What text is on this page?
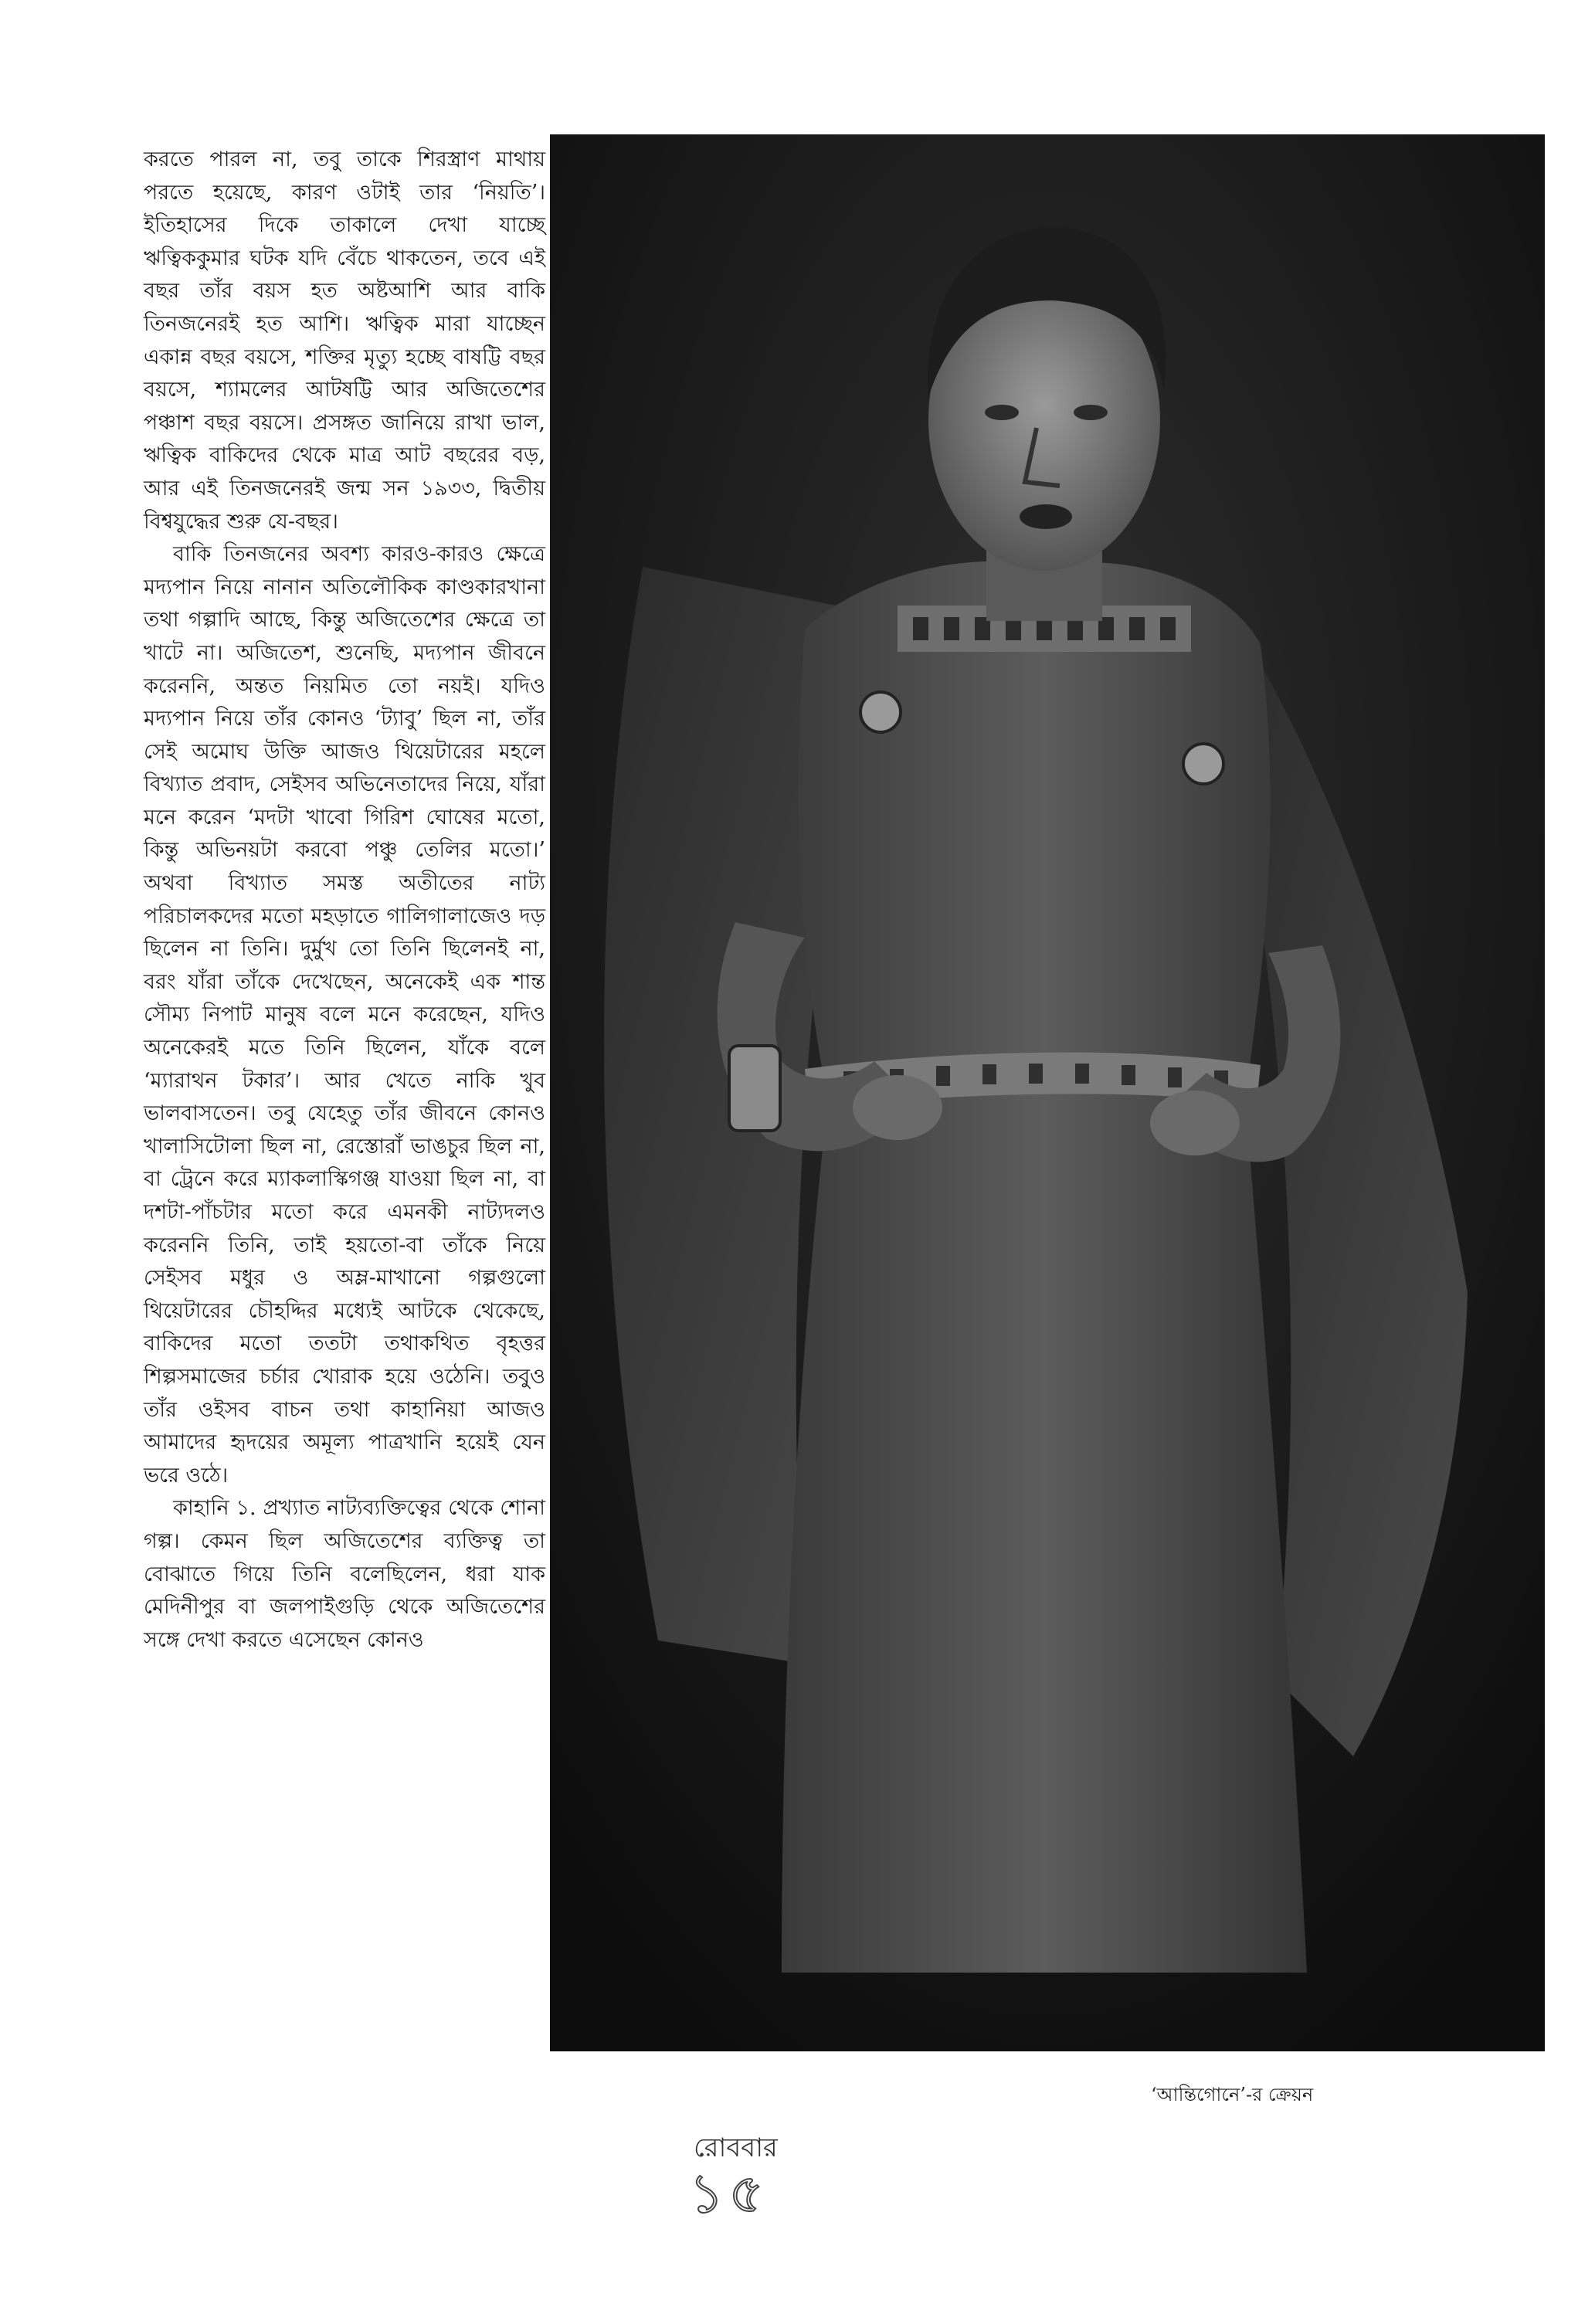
করতে পারল না, তবু তাকে শিরস্ত্রাণ মাথায় পরতে হয়েছে, কারণ ওটাই তার ‘নিয়তি’। ইতিহাসের দিকে তাকালে দেখা যাচ্ছে ঋত্বিককুমার ঘটক যদি বেঁচে থাকতেন, তবে এই বছর তাঁর বয়স হত অষ্টআশি আর বাকি তিনজনেরই হত আশি। ঋত্বিক মারা যাচ্ছেন একান্ন বছর বয়সে, শক্তির মৃত্যু হচ্ছে বাষট্টি বছর বয়সে, শ্যামলের আটষট্টি আর অজিতেশের পঞ্চাশ বছর বয়সে। প্রসঙ্গত জানিয়ে রাখা ভাল, ঋত্বিক বাকিদের থেকে মাত্র আট বছরের বড়, আর এই তিনজনেরই জন্ম সন ১৯৩৩, দ্বিতীয় বিশ্বযুদ্ধের শুরু যে-বছর।

বাকি তিনজনের অবশ্য কারও-কারও ক্ষেত্রে মদ্যপান নিয়ে নানান অতিলৌকিক কাণ্ডকারখানা তথা গল্পাদি আছে, কিন্তু অজিতেশের ক্ষেত্রে তা খাটে না। অজিতেশ, শুনেছি, মদ্যপান জীবনে করেননি, অন্তত নিয়মিত তো নয়ই। যদিও মদ্যপান নিয়ে তাঁর কোনও ‘ট্যাবু’ ছিল না, তাঁর সেই অমোঘ উক্তি আজও থিয়েটারের মহলে বিখ্যাত প্রবাদ, সেইসব অভিনেতাদের নিয়ে, যাঁরা মনে করেন ‘মদটা খাবো গিরিশ ঘোষের মতো, কিন্তু অভিনয়টা করবো পঞ্চু তেলির মতো।’ অথবা বিখ্যাত সমস্ত অতীতের নাট্য পরিচালকদের মতো মহড়াতে গালিগালাজেও দড় ছিলেন না তিনি। দুর্মুখ তো তিনি ছিলেনই না, বরং যাঁরা তাঁকে দেখেছেন, অনেকেই এক শান্ত সৌম্য নিপাট মানুষ বলে মনে করেছেন, যদিও অনেকেরই মতে তিনি ছিলেন, যাঁকে বলে ‘ম্যারাথন টকার’। আর খেতে নাকি খুব ভালবাসতেন। তবু যেহেতু তাঁর জীবনে কোনও খালাসিটোলা ছিল না, রেস্তোরাঁ ভাঙচুর ছিল না, বা ট্রেনে করে ম্যাকলাস্কিগঞ্জ যাওয়া ছিল না, বা দশটা-পাঁচটার মতো করে এমনকী নাট্যদলও করেননি তিনি, তাই হয়তো-বা তাঁকে নিয়ে সেইসব মধুর ও অম্ল-মাখানো গল্পগুলো থিয়েটারের চৌহদ্দির মধ্যেই আটকে থেকেছে, বাকিদের মতো ততটা তথাকথিত বৃহত্তর শিল্পসমাজের চর্চার খোরাক হয়ে ওঠেনি। তবুও তাঁর ওইসব বাচন তথা কাহানিয়া আজও আমাদের হৃদয়ের অমূল্য পাত্রখানি হয়েই যেন ভরে ওঠে।

কাহানি ১. প্রখ্যাত নাট্যব্যক্তিত্বের থেকে শোনা গল্প। কেমন ছিল অজিতেশের ব্যক্তিত্ব তা বোঝাতে গিয়ে তিনি বলেছিলেন, ধরা যাক মেদিনীপুর বা জলপাইগুড়ি থেকে অজিতেশের সঙ্গে দেখা করতে এসেছেন কোনও

‘আন্তিগোনে’-র ক্রেয়ন
রোববার
১৫
